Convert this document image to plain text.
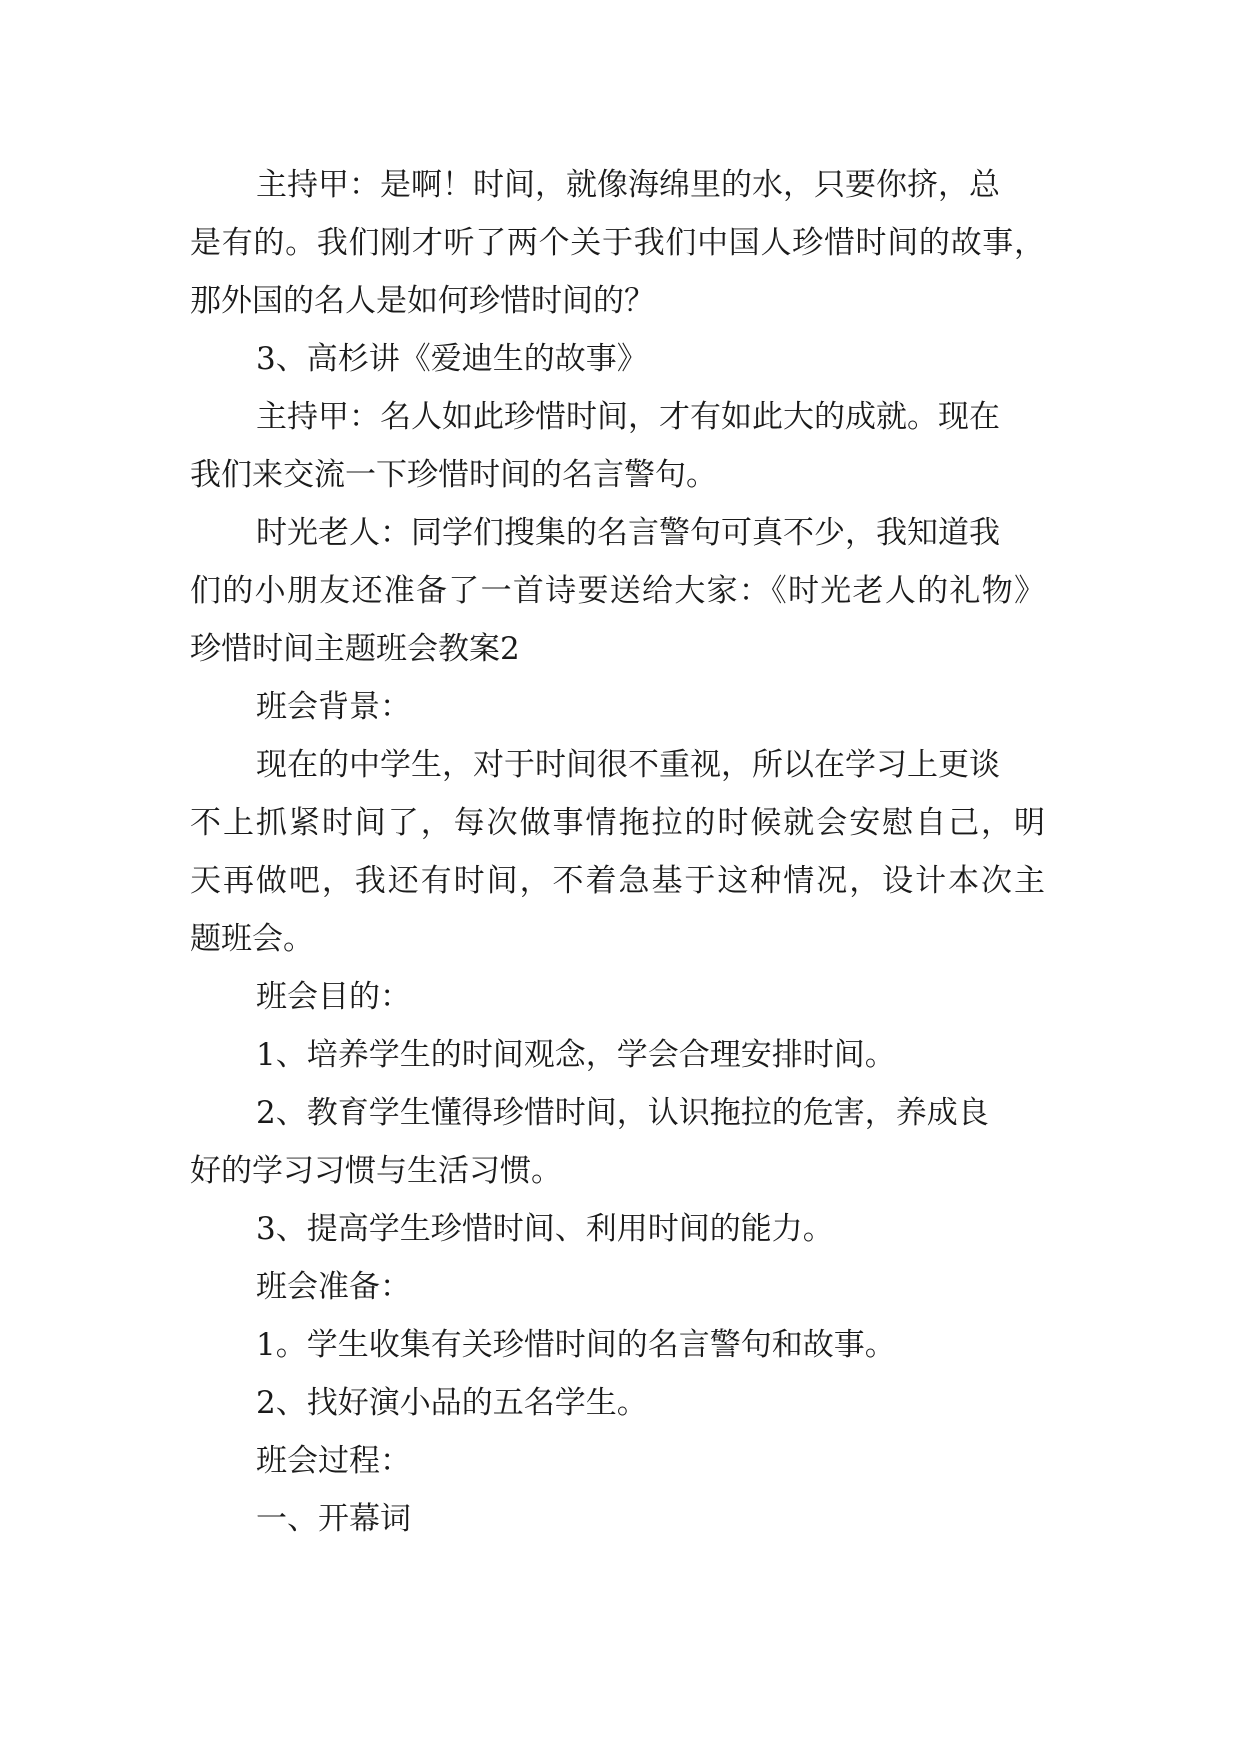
主持甲：是啊！时间，就像海绵里的水，只要你挤，总

是有的。我们刚才听了两个关于我们中国人珍惜时间的故事，

那外国的名人是如何珍惜时间的？

3、高杉讲《爱迪生的故事》

主持甲：名人如此珍惜时间，才有如此大的成就。现在

我们来交流一下珍惜时间的名言警句。

时光老人：同学们搜集的名言警句可真不少，我知道我

们的小朋友还准备了一首诗要送给大家：《时光老人的礼物》

珍惜时间主题班会教案2

班会背景：

现在的中学生，对于时间很不重视，所以在学习上更谈

不上抓紧时间了，每次做事情拖拉的时候就会安慰自己，明

天再做吧，我还有时间，不着急基于这种情况，设计本次主

题班会。

班会目的：

1、培养学生的时间观念，学会合理安排时间。

2、教育学生懂得珍惜时间，认识拖拉的危害，养成良

好的学习习惯与生活习惯。

3、提高学生珍惜时间、利用时间的能力。

班会准备：

1。学生收集有关珍惜时间的名言警句和故事。

2、找好演小品的五名学生。

班会过程：

一、开幕词
